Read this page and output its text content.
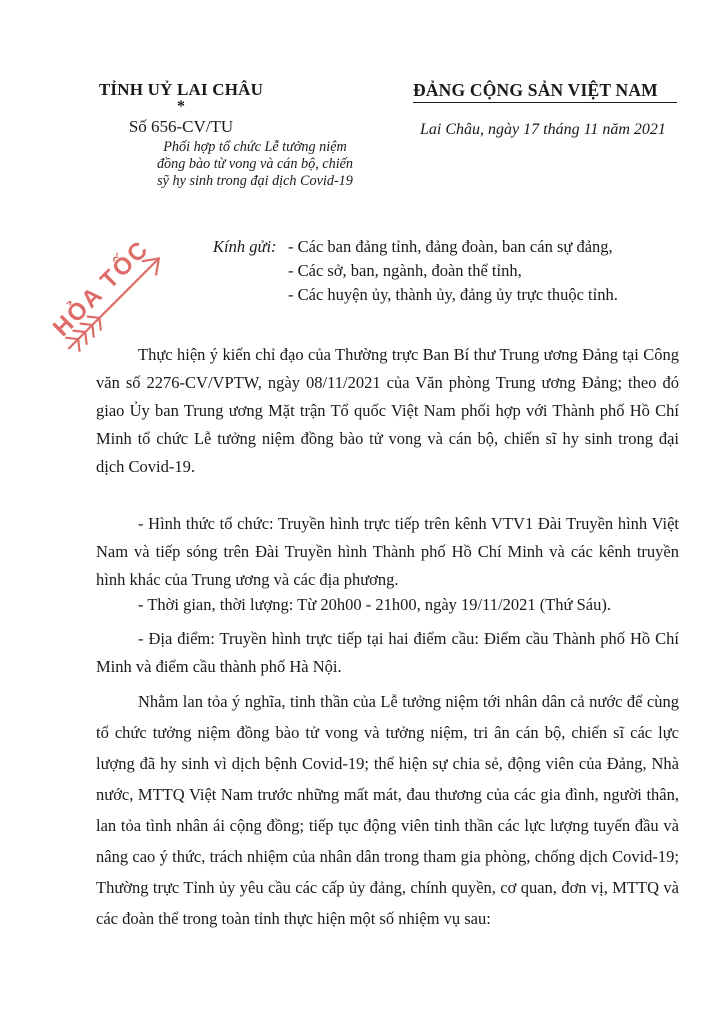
TỈNH UỶ LAI CHÂU
*
Số 656-CV/TU
Phối hợp tổ chức Lễ tưởng niệm đồng bào từ vong và cán bộ, chiến sỹ hy sinh trong đại dịch Covid-19
ĐẢNG CỘNG SẢN VIỆT NAM
Lai Châu, ngày 17 tháng 11 năm 2021
HỎA TỐC	Kính gửi: - Các ban đảng tỉnh, đảng đoàn, ban cán sự đảng,
- Các sở, ban, ngành, đoàn thể tỉnh,
- Các huyện ủy, thành ủy, đảng ủy trực thuộc tỉnh.

Thực hiện ý kiến chỉ đạo của Thường trực Ban Bí thư Trung ương Đảng tại Công văn số 2276-CV/VPTW, ngày 08/11/2021 của Văn phòng Trung ương Đảng; theo đó giao Ủy ban Trung ương Mặt trận Tổ quốc Việt Nam phối hợp với Thành phố Hồ Chí Minh tổ chức Lễ tưởng niệm đồng bào tử vong và cán bộ, chiến sĩ hy sinh trong đại dịch Covid-19.

- Hình thức tổ chức: Truyền hình trực tiếp trên kênh VTV1 Đài Truyền hình Việt Nam và tiếp sóng trên Đài Truyền hình Thành phố Hồ Chí Minh và các kênh truyền hình khác của Trung ương và các địa phương.

- Thời gian, thời lượng: Từ 20h00 - 21h00, ngày 19/11/2021 (Thứ Sáu).

- Địa điểm: Truyền hình trực tiếp tại hai điểm cầu: Điểm cầu Thành phố Hồ Chí Minh và điểm cầu thành phố Hà Nội.

Nhằm lan tỏa ý nghĩa, tinh thần của Lễ tưởng niệm tới nhân dân cả nước để cùng tổ chức tưởng niệm đồng bào tử vong và tưởng niệm, tri ân cán bộ, chiến sĩ các lực lượng đã hy sinh vì dịch bệnh Covid-19; thể hiện sự chia sẻ, động viên của Đảng, Nhà nước, MTTQ Việt Nam trước những mất mát, đau thương của các gia đình, người thân, lan tỏa tình nhân ái cộng đồng; tiếp tục động viên tinh thần các lực lượng tuyến đầu và nâng cao ý thức, trách nhiệm của nhân dân trong tham gia phòng, chống dịch Covid-19; Thường trực Tỉnh ủy yêu cầu các cấp ủy đảng, chính quyền, cơ quan, đơn vị, MTTQ và các đoàn thể trong toàn tỉnh thực hiện một số nhiệm vụ sau:
